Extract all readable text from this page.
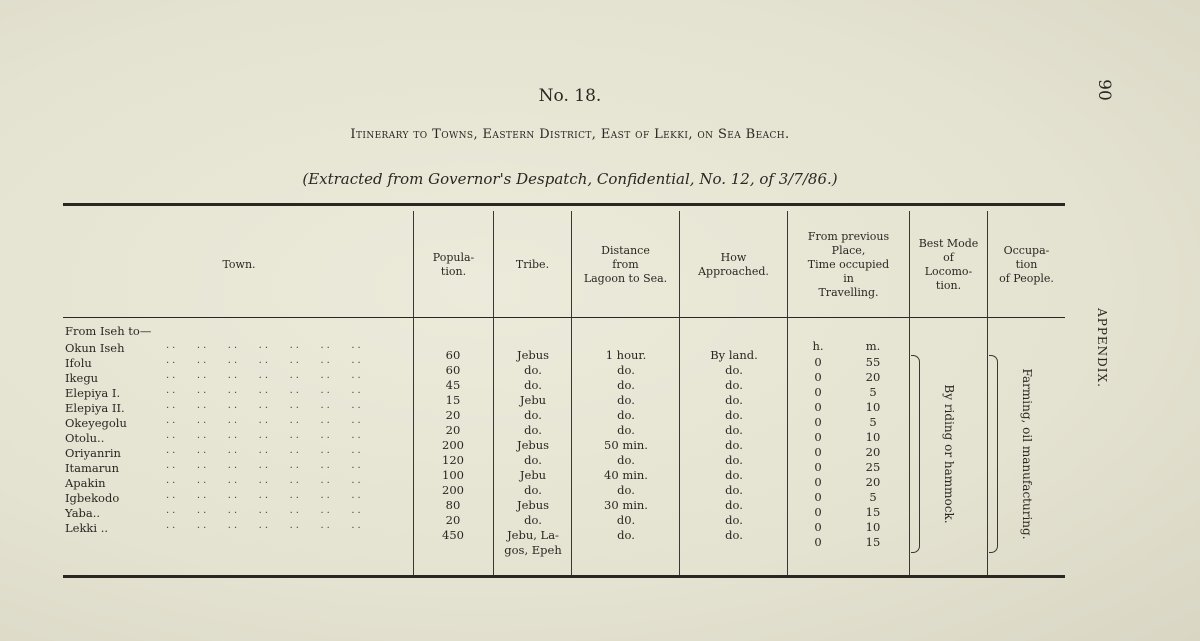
No. 18.
Itinerary to Towns, Eastern District, East of Lekki, on Sea Beach.
(Extracted from Governor's Despatch, Confidential, No. 12, of 3/7/86.)
90
APPENDIX.
Town.
Popula-
tion.
Tribe.
Distance
from
Lagoon to Sea.
How
Approached.
From previous
Place,
Time occupied
in
Travelling.
Best Mode
of
Locomo-
tion.
Occupa-
tion
of People.
From Iseh to—
h.	m.
Okun Iseh	··   ··   ··   ··   ··   ··   ··	60	Jebus	1 hour.	By land.	0	55
Ifolu	··   ··   ··   ··   ··   ··   ··	60	do.	do.	do.	0	20
Ikegu	··   ··   ··   ··   ··   ··   ··	45	do.	do.	do.	0	5
Elepiya I.	··   ··   ··   ··   ··   ··   ··	15	Jebu	do.	do.	0	10
Elepiya II.	··   ··   ··   ··   ··   ··   ··	20	do.	do.	do.	0	5
Okeyegolu	··   ··   ··   ··   ··   ··   ··	20	do.	do.	do.	0	10
Otolu..	··   ··   ··   ··   ··   ··   ··	200	Jebus	50 min.	do.	0	20
Oriyanrin	··   ··   ··   ··   ··   ··   ··	120	do.	do.	do.	0	25
Itamarun	··   ··   ··   ··   ··   ··   ··	100	Jebu	40 min.	do.	0	20
Apakin	··   ··   ··   ··   ··   ··   ··	200	do.	do.	do.	0	5
Igbekodo	··   ··   ··   ··   ··   ··   ··	80	Jebus	30 min.	do.	0	15
Yaba..	··   ··   ··   ··   ··   ··   ··	20	do.	d0.	do.	0	10
Lekki ..	··   ··   ··   ··   ··   ··   ··	450	Jebu, La-
gos, Epeh
do.	do.	0	15
By riding or hammock.	Farming, oil manufacturing.
